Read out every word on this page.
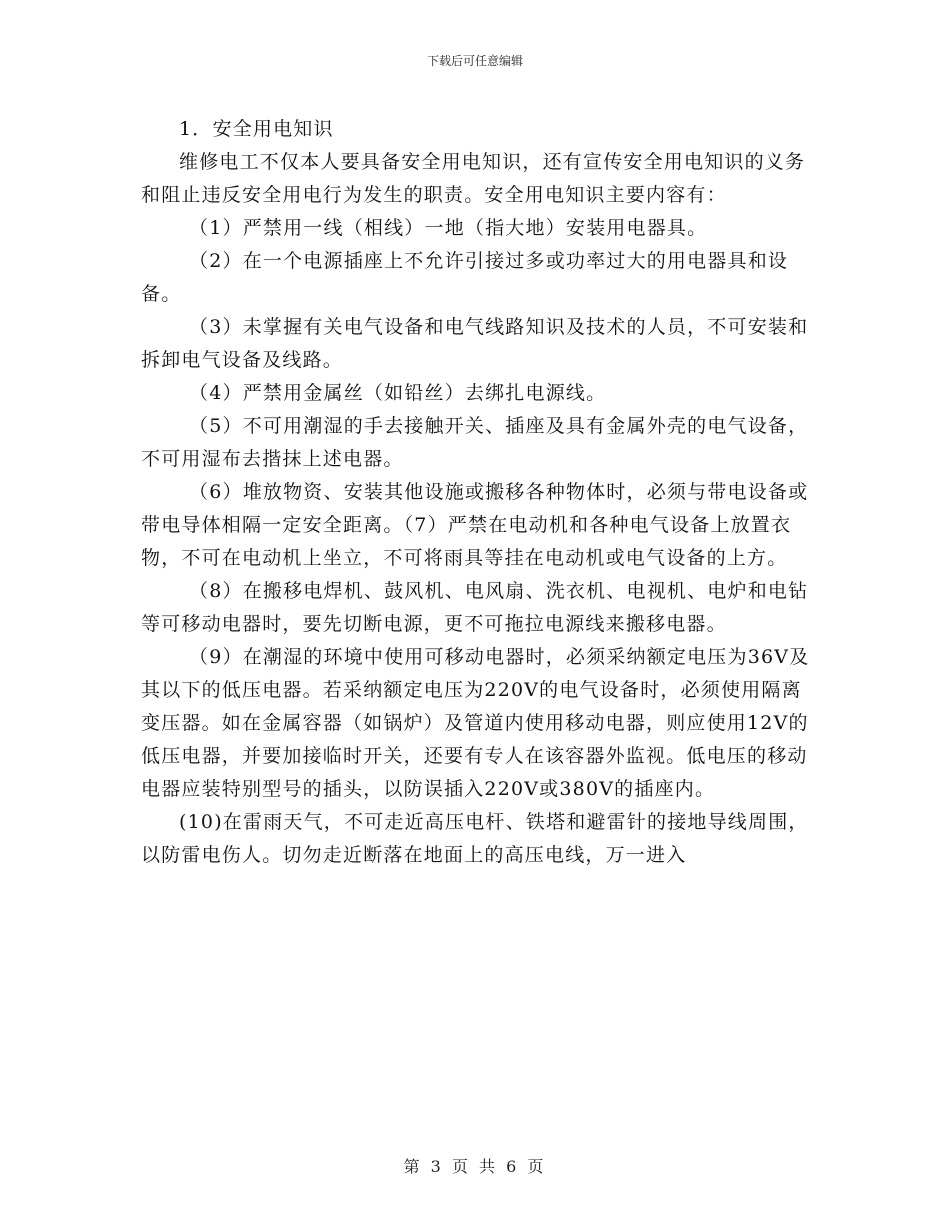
下载后可任意编辑

1．安全用电知识

维修电工不仅本人要具备安全用电知识，还有宣传安全用电知识的义务和阻止违反安全用电行为发生的职责。安全用电知识主要内容有：

（1）严禁用一线（相线）一地（指大地）安装用电器具。

（2）在一个电源插座上不允许引接过多或功率过大的用电器具和设备。

（3）未掌握有关电气设备和电气线路知识及技术的人员，不可安装和拆卸电气设备及线路。

（4）严禁用金属丝（如铅丝）去绑扎电源线。

（5）不可用潮湿的手去接触开关、插座及具有金属外壳的电气设备，不可用湿布去揩抹上述电器。

（6）堆放物资、安装其他设施或搬移各种物体时，必须与带电设备或带电导体相隔一定安全距离。（7）严禁在电动机和各种电气设备上放置衣物，不可在电动机上坐立，不可将雨具等挂在电动机或电气设备的上方。

（8）在搬移电焊机、鼓风机、电风扇、洗衣机、电视机、电炉和电钻等可移动电器时，要先切断电源，更不可拖拉电源线来搬移电器。

（9）在潮湿的环境中使用可移动电器时，必须采纳额定电压为36V及其以下的低压电器。若采纳额定电压为220V的电气设备时，必须使用隔离变压器。如在金属容器（如锅炉）及管道内使用移动电器，则应使用12V的低压电器，并要加接临时开关，还要有专人在该容器外监视。低电压的移动电器应装特别型号的插头，以防误插入220V或380V的插座内。

(10)在雷雨天气，不可走近高压电杆、铁塔和避雷针的接地导线周围，以防雷电伤人。切勿走近断落在地面上的高压电线，万一进入

第 3 页 共 6 页
